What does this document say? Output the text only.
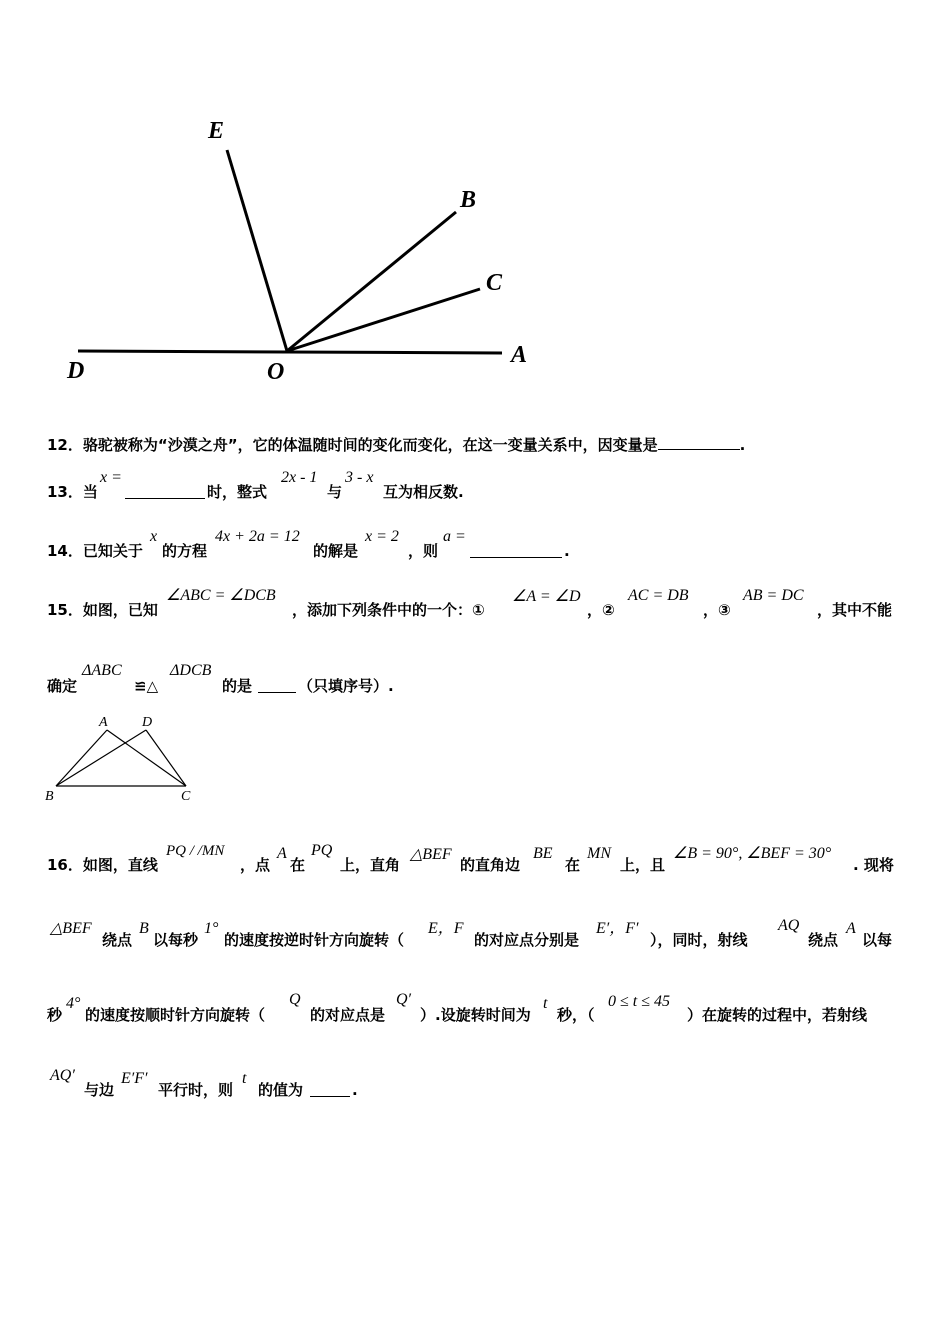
E
B
C
D	O
A
12．骆驼被称为“沙漠之舟”，它的体温随时间的变化而变化，在这一变量关系中，因变量是	.
13．当
x =
时，整式
2x - 1
与
3 - x
互为相反数.
14．已知关于
x
的方程
4x + 2a = 12
的解是
x = 2
，则
a =
.
15．如图，已知
∠ABC = ∠DCB
，添加下列条件中的一个：①
∠A = ∠D
，②
AC = DB
，③
AB = DC
，其中不能
确定
ΔABC
≌△
ΔDCB
的是	（只填序号）.
A D
B	C
16．如图，直线
PQ / /MN
，点
A
在
PQ
上，直角
△BEF
的直角边
BE
在
MN
上，且
∠B = 90°, ∠BEF = 30°
. 现将
△BEF
绕点
B
以每秒
1°
的速度按逆时针方向旋转（
E，F
的对应点分别是
E′，F′
），同时，射线
AQ
绕点
A
以每
秒
4°
的速度按顺时针方向旋转（
Q
的对应点是
Q′
）.设旋转时间为
t
秒，（
0 ≤ t ≤ 45
）在旋转的过程中，若射线
AQ′
与边
E′F′
平行时，则
t
的值为	.
